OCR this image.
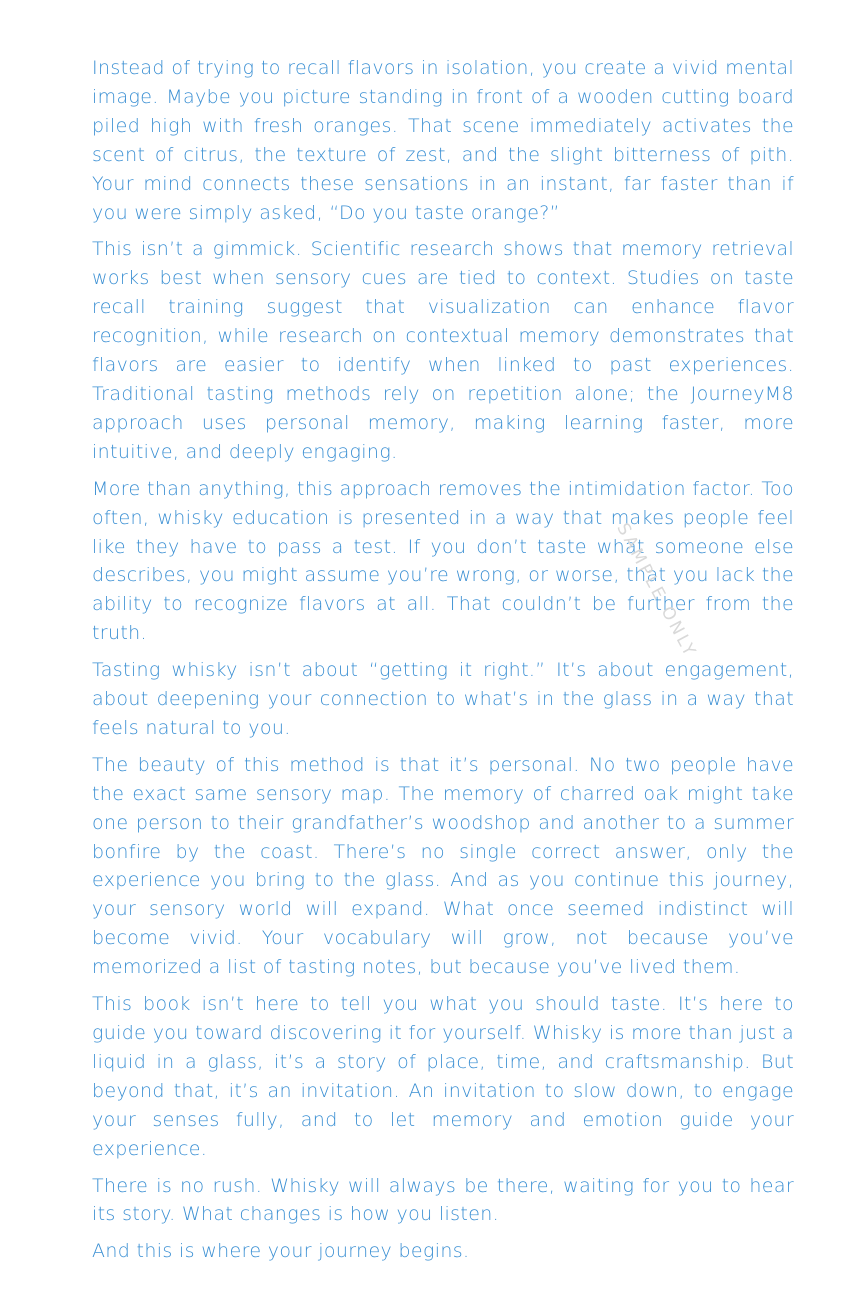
Instead of trying to recall flavors in isolation, you create a vivid mental image. Maybe you picture standing in front of a wooden cutting board piled high with fresh oranges. That scene immediately activates the scent of citrus, the texture of zest, and the slight bitterness of pith. Your mind connects these sensations in an instant, far faster than if you were simply asked, “Do you taste orange?”

This isn’t a gimmick. Scientific research shows that memory retrieval works best when sensory cues are tied to context. Studies on taste recall training suggest that visualization can enhance flavor recognition, while research on contextual memory demonstrates that flavors are easier to identify when linked to past experiences. Traditional tasting methods rely on repetition alone; the JourneyM8 approach uses personal memory, making learning faster, more intuitive, and deeply engaging.

More than anything, this approach removes the intimidation factor. Too often, whisky education is presented in a way that makes people feel like they have to pass a test. If you don’t taste what someone else describes, you might assume you’re wrong, or worse, that you lack the ability to recognize flavors at all. That couldn’t be further from the truth.

Tasting whisky isn’t about “getting it right.” It’s about engagement, about deepening your connection to what’s in the glass in a way that feels natural to you.

The beauty of this method is that it’s personal. No two people have the exact same sensory map. The memory of charred oak might take one person to their grandfather’s woodshop and another to a summer bonfire by the coast. There’s no single correct answer, only the experience you bring to the glass. And as you continue this journey, your sensory world will expand. What once seemed indistinct will become vivid. Your vocabulary will grow, not because you’ve memorized a list of tasting notes, but because you’ve lived them.

This book isn’t here to tell you what you should taste. It’s here to guide you toward discovering it for yourself. Whisky is more than just a liquid in a glass, it’s a story of place, time, and craftsmanship. But beyond that, it’s an invitation. An invitation to slow down, to engage your senses fully, and to let memory and emotion guide your experience.

There is no rush. Whisky will always be there, waiting for you to hear its story. What changes is how you listen.

And this is where your journey begins.

SAMPLE ONLY
